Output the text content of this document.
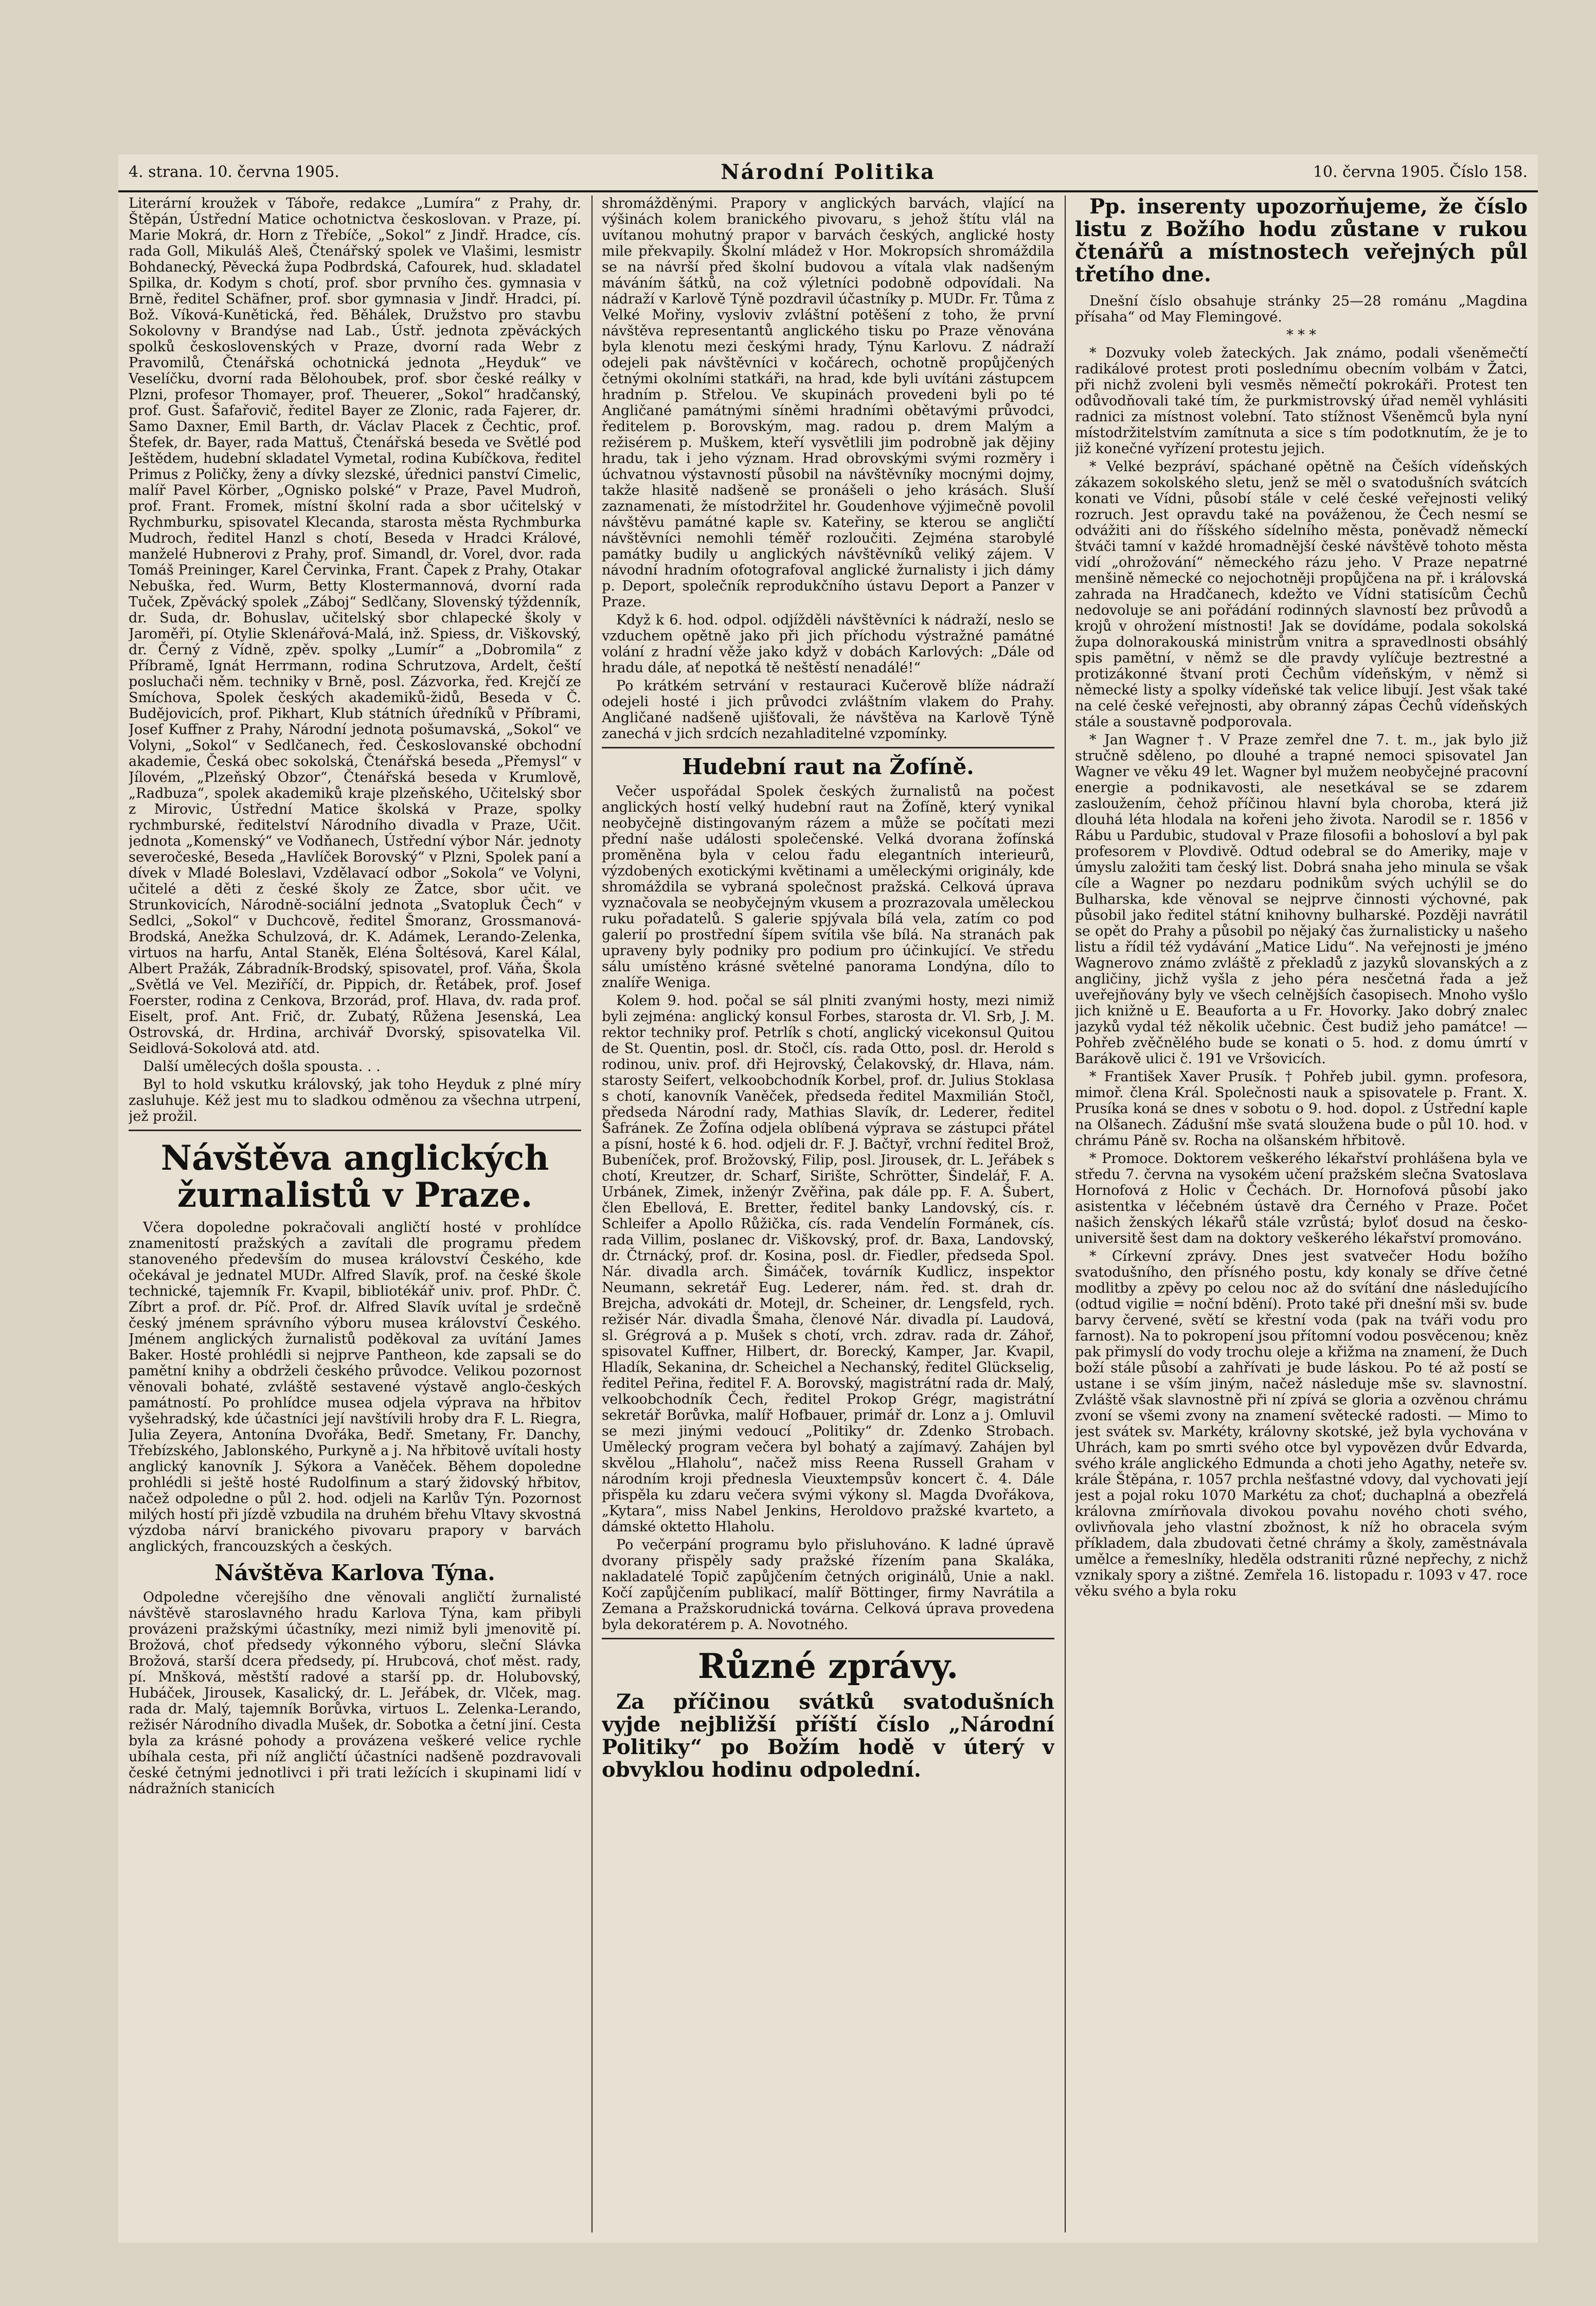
4. strana. 10. června 1905.	Národní Politika	10. června 1905. Číslo 158.

Literární kroužek v Táboře, redakce „Lumíra“ z Prahy, dr. Štěpán, Ústřední Matice ochotnictva českoslovan. v Praze, pí. Marie Mokrá, dr. Horn z Třebíče, „Sokol“ z Jindř. Hradce, cís. rada Goll, Mikuláš Aleš, Čtenářský spolek ve Vlašimi, lesmistr Bohdanecký, Pěvecká župa Podbrdská, Cafourek, hud. skladatel Spilka, dr. Kodym s chotí, prof. sbor prvního čes. gymnasia v Brně, ředitel Schäfner, prof. sbor gymnasia v Jindř. Hradci, pí. Bož. Víková-Kunětická, řed. Běhálek, Družstvo pro stavbu Sokolovny v Brandýse nad Lab., Ústř. jednota zpěváckých spolků československých v Praze, dvorní rada Webr z Pravomilů, Čtenářská ochotnická jednota „Heyduk“ ve Veselíčku, dvorní rada Bělohoubek, prof. sbor české reálky v Plzni, profesor Thomayer, prof. Theuerer, „Sokol“ hradčanský, prof. Gust. Šafařovič, ředitel Bayer ze Zlonic, rada Fajerer, dr. Samo Daxner, Emil Barth, dr. Václav Placek z Čechtic, prof. Štefek, dr. Bayer, rada Mattuš, Čtenářská beseda ve Světlé pod Ještědem, hudební skladatel Vymetal, rodina Kubíčkova, ředitel Primus z Poličky, ženy a dívky slezské, úřednici panství Cimelic, malíř Pavel Körber, „Ognisko polské“ v Praze, Pavel Mudroň, prof. Frant. Fromek, místní školní rada a sbor učitelský v Rychmburku, spisovatel Klecanda, starosta města Rychmburka Mudroch, ředitel Hanzl s chotí, Beseda v Hradci Králové, manželé Hubnerovi z Prahy, prof. Simandl, dr. Vorel, dvor. rada Tomáš Preininger, Karel Červinka, Frant. Čapek z Prahy, Otakar Nebuška, řed. Wurm, Betty Klostermannová, dvorní rada Tuček, Zpěvácký spolek „Záboj“ Sedlčany, Slovenský týždenník, dr. Suda, dr. Bohuslav, učitelský sbor chlapecké školy v Jaroměři, pí. Otylie Sklenářová-Malá, inž. Spiess, dr. Viškovský, dr. Černý z Vídně, zpěv. spolky „Lumír“ a „Dobromila“ z Příbramě, Ignát Herrmann, rodina Schrutzova, Ardelt, čeští posluchači něm. techniky v Brně, posl. Zázvorka, řed. Krejčí ze Smíchova, Spolek českých akademiků-židů, Beseda v Č. Budějovicích, prof. Pikhart, Klub státních úředníků v Příbrami, Josef Kuffner z Prahy, Národní jednota pošumavská, „Sokol“ ve Volyni, „Sokol“ v Sedlčanech, řed. Českoslovanské obchodní akademie, Česká obec sokolská, Čtenářská beseda „Přemysl“ v Jílovém, „Plzeňský Obzor“, Čtenářská beseda v Krumlově, „Radbuza“, spolek akademiků kraje plzeňského, Učitelský sbor z Mirovic, Ústřední Matice školská v Praze, spolky rychmburské, ředitelství Národního divadla v Praze, Učit. jednota „Komenský“ ve Vodňanech, Ústřední výbor Nár. jednoty severočeské, Beseda „Havlíček Borovský“ v Plzni, Spolek paní a dívek v Mladé Boleslavi, Vzdělavací odbor „Sokola“ ve Volyni, učitelé a děti z české školy ze Žatce, sbor učit. ve Strunkovicích, Národně-sociální jednota „Svatopluk Čech“ v Sedlci, „Sokol“ v Duchcově, ředitel Šmoranz, Grossmanová-Brodská, Anežka Schulzová, dr. K. Adámek, Lerando-Zelenka, virtuos na harfu, Antal Staněk, Eléna Šoltésová, Karel Kálal, Albert Pražák, Zábradník-Brodský, spisovatel, prof. Váňa, Škola „Světlá ve Vel. Meziříčí, dr. Pippich, dr. Řetábek, prof. Josef Foerster, rodina z Cenkova, Brzorád, prof. Hlava, dv. rada prof. Eiselt, prof. Ant. Frič, dr. Zubatý, Růžena Jesenská, Lea Ostrovská, dr. Hrdina, archivář Dvorský, spisovatelka Vil. Seidlová-Sokolová atd. atd.

Další umělecých došla spousta. . .

Byl to hold vskutku královský, jak toho Heyduk z plné míry zasluhuje. Kéž jest mu to sladkou odměnou za všechna utrpení, jež prožil.

Návštěva anglických žurnalistů v Praze.

Včera dopoledne pokračovali angličtí hosté v prohlídce znamenitostí pražských a zavítali dle programu předem stanoveného především do musea království Českého, kde očekával je jednatel MUDr. Alfred Slavík, prof. na české škole technické, tajemník Fr. Kvapil, bibliotékář univ. prof. PhDr. Č. Zíbrt a prof. dr. Píč. Prof. dr. Alfred Slavík uvítal je srdečně český jménem správního výboru musea království Českého. Jménem anglických žurnalistů poděkoval za uvítání James Baker. Hosté prohlédli si nejprve Pantheon, kde zapsali se do pamětní knihy a obdrželi českého průvodce. Velikou pozornost věnovali bohaté, zvláště sestavené výstavě anglo-českých památností. Po prohlídce musea odjela výprava na hřbitov vyšehradský, kde účastníci její navštívili hroby dra F. L. Riegra, Julia Zeyera, Antonína Dvořáka, Bedř. Smetany, Fr. Danchy, Třebízského, Jablonského, Purkyně a j. Na hřbitově uvítali hosty anglický kanovník J. Sýkora a Vaněček. Během dopoledne prohlédli si ještě hosté Rudolfinum a starý židovský hřbitov, načež odpoledne o půl 2. hod. odjeli na Karlův Týn. Pozornost milých hostí při jízdě vzbudila na druhém břehu Vltavy skvostná výzdoba nárví branického pivovaru prapory v barvách anglických, francouzských a českých.

Návštěva Karlova Týna.

Odpoledne včerejšího dne věnovali angličtí žurnalisté návštěvě staroslavného hradu Karlova Týna, kam přibyli provázeni pražskými účastníky, mezi nimiž byli jmenovitě pí. Brožová, choť předsedy výkonného výboru, sleční Slávka Brožová, starší dcera předsedy, pí. Hrubcová, choť měst. rady, pí. Mnšková, městští radové a starší pp. dr. Holubovský, Hubáček, Jirousek, Kasalický, dr. L. Jeřábek, dr. Vlček, mag. rada dr. Malý, tajemník Borůvka, virtuos L. Zelenka-Lerando, režisér Národního divadla Mušek, dr. Sobotka a četní jiní. Cesta byla za krásné pohody a provázena veškeré velice rychle ubíhala cesta, při níž angličtí účastníci nadšeně pozdravovali české četnými jednotlivci i při trati ležících i skupinami lidí v nádražních stanicích

shromážděnými. Prapory v anglických barvách, vlající na výšinách kolem branického pivovaru, s jehož štítu vlál na uvítanou mohutný prapor v barvách českých, anglické hosty mile překvapily. Školní mládež v Hor. Mokropsích shromáždila se na návrší před školní budovou a vítala vlak nadšeným máváním šátků, na což výletníci podobně odpovídali. Na nádraží v Karlově Týně pozdravil účastníky p. MUDr. Fr. Tůma z Velké Mořiny, vysloviv zvláštní potěšení z toho, že první návštěva representantů anglického tisku po Praze věnována byla klenotu mezi českými hrady, Týnu Karlovu. Z nádraží odejeli pak návštěvníci v kočárech, ochotně propůjčených četnými okolními statkáři, na hrad, kde byli uvítáni zástupcem hradním p. Střelou. Ve skupinách provedeni byli po té Angličané památnými síněmi hradními obětavými průvodci, ředitelem p. Borovským, mag. radou p. drem Malým a režisérem p. Muškem, kteří vysvětlili jim podrobně jak dějiny hradu, tak i jeho význam. Hrad obrovskými svými rozměry i úchvatnou výstavností působil na návštěvníky mocnými dojmy, takže hlasitě nadšeně se pronášeli o jeho krásách. Sluší zaznamenati, že místodržitel hr. Goudenhove výjimečně povolil návštěvu památné kaple sv. Kateřiny, se kterou se angličtí návštěvníci nemohli téměř rozloučiti. Zejména starobylé památky budily u anglických návštěvníků veliký zájem. V návodní hradním ofotografoval anglické žurnalisty i jich dámy p. Deport, společník reprodukčního ústavu Deport a Panzer v Praze.

Když k 6. hod. odpol. odjížděli návštěvníci k nádraží, neslo se vzduchem opětně jako při jich příchodu výstražné památné volání z hradní věže jako když v dobách Karlových: „Dále od hradu dále, ať nepotká tě neštěstí nenadálé!“

Po krátkém setrvání v restauraci Kučerově blíže nádraží odejeli hosté i jich průvodci zvláštním vlakem do Prahy. Angličané nadšeně ujišťovali, že návštěva na Karlově Týně zanechá v jich srdcích nezahladitelné vzpomínky.

Hudební raut na Žofíně.

Večer uspořádal Spolek českých žurnalistů na počest anglických hostí velký hudební raut na Žofíně, který vynikal neobyčejně distingovaným rázem a může se počítati mezi přední naše události společenské. Velká dvorana žofínská proměněna byla v celou řadu elegantních interieurů, výzdobených exotickými květinami a uměleckými originály, kde shromáždila se vybraná společnost pražská. Celková úprava vyznačovala se neobyčejným vkusem a prozrazovala uměleckou ruku pořadatelů. S galerie spjývala bílá vela, zatím co pod galerií po prostřední šípem svítila vše bílá. Na stranách pak upraveny byly podniky pro podium pro účinkující. Ve středu sálu umístěno krásné světelné panorama Londýna, dílo to znalíře Weniga.

Kolem 9. hod. počal se sál plniti zvanými hosty, mezi nimiž byli zejména: anglický konsul Forbes, starosta dr. Vl. Srb, J. M. rektor techniky prof. Petrlík s chotí, anglický vicekonsul Quitou de St. Quentin, posl. dr. Stočl, cís. rada Otto, posl. dr. Herold s rodinou, univ. prof. dři Hejrovský, Čelakovský, dr. Hlava, nám. starosty Seifert, velkoobchodník Korbel, prof. dr. Julius Stoklasa s chotí, kanovník Vaněček, předseda ředitel Maxmilián Stočl, předseda Národní rady, Mathias Slavík, dr. Lederer, ředitel Šafránek. Ze Žofína odjela oblíbená výprava se zástupci přátel a písní, hosté k 6. hod. odjeli dr. F. J. Bačtyř, vrchní ředitel Brož, Bubeníček, prof. Brožovský, Filip, posl. Jirousek, dr. L. Jeřábek s chotí, Kreutzer, dr. Scharf, Sirište, Schrötter, Šindelář, F. A. Urbánek, Zimek, inženýr Zvěřina, pak dále pp. F. A. Šubert, člen Ebellová, E. Bretter, ředitel banky Landovský, cís. r. Schleifer a Apollo Růžička, cís. rada Vendelín Formánek, cís. rada Villim, poslanec dr. Viškovský, prof. dr. Baxa, Landovský, dr. Čtrnácký, prof. dr. Kosina, posl. dr. Fiedler, předseda Spol. Nár. divadla arch. Šimáček, továrník Kudlicz, inspektor Neumann, sekretář Eug. Lederer, nám. řed. st. drah dr. Brejcha, advokáti dr. Motejl, dr. Scheiner, dr. Lengsfeld, rych. režisér Nár. divadla Šmaha, členové Nár. divadla pí. Laudová, sl. Grégrová a p. Mušek s chotí, vrch. zdrav. rada dr. Záhoř, spisovatel Kuffner, Hilbert, dr. Borecký, Kamper, Jar. Kvapil, Hladík, Sekanina, dr. Scheichel a Nechanský, ředitel Glückselig, ředitel Peřina, ředitel F. A. Borovský, magistrátní rada dr. Malý, velkoobchodník Čech, ředitel Prokop Grégr, magistrátní sekretář Borůvka, malíř Hofbauer, primář dr. Lonz a j. Omluvil se mezi jinými vedoucí „Politiky“ dr. Zdenko Strobach. Umělecký program večera byl bohatý a zajímavý. Zahájen byl skvělou „Hlaholu“, načež miss Reena Russell Graham v národním kroji přednesla Vieuxtempsův koncert č. 4. Dále přispěla ku zdaru večera svými výkony sl. Magda Dvořákova, „Kytara“, miss Nabel Jenkins, Heroldovo pražské kvarteto, a dámské oktetto Hlaholu.

Po večerpání programu bylo přisluhováno. K ladné úpravě dvorany přispěly sady pražské řízením pana Skaláka, nakladatelé Topič zapůjčením četných originálů, Unie a nakl. Kočí zapůjčením publikací, malíř Böttinger, firmy Navrátila a Zemana a Pražskorudnická továrna. Celková úprava provedena byla dekoratérem p. A. Novotného.

Různé zprávy.

Za příčinou svátků svatodušních vyjde nejbližší příští číslo „Národní Politiky“ po Božím hodě v úterý v obvyklou hodinu odpolední.

Pp. inserenty upozorňujeme, že číslo listu z Božího hodu zůstane v rukou čtenářů a místnostech veřejných půl třetího dne.

Dnešní číslo obsahuje stránky 25—28 románu „Magdina přísaha“ od May Flemingové.

* * *

* Dozvuky voleb žateckých. Jak známo, podali všeněmečtí radikálové protest proti poslednímu obecním volbám v Žatci, při nichž zvoleni byli vesměs němečtí pokrokáři. Protest ten odůvodňovali také tím, že purkmistrovský úřad neměl vyhlásiti radnici za místnost volební. Tato stížnost Všeněmců byla nyní místodržitelstvím zamítnuta a sice s tím podotknutím, že je to již konečné vyřízení protestu jejich.

* Velké bezpráví, spáchané opětně na Češích vídeňských zákazem sokolského sletu, jenž se měl o svatodušních svátcích konati ve Vídni, působí stále v celé české veřejnosti veliký rozruch. Jest opravdu také na pováženou, že Čech nesmí se odvážiti ani do říšského sídelního města, poněvadž německí štváči tamní v každé hromadnější české návštěvě tohoto města vidí „ohrožování“ německého rázu jeho. V Praze nepatrné menšině německé co nejochotněji propůjčena na př. i královská zahrada na Hradčanech, kdežto ve Vídni statisícům Čechů nedovoluje se ani pořádání rodinných slavností bez průvodů a krojů v ohrožení místnosti! Jak se dovídáme, podala sokolská župa dolnorakouská ministrům vnitra a spravedlnosti obsáhlý spis pamětní, v němž se dle pravdy vylíčuje beztrestné a protizákonné štvaní proti Čechům vídeňským, v němž si německé listy a spolky vídeňské tak velice libují. Jest však také na celé české veřejnosti, aby obranný zápas Čechů vídeňských stále a soustavně podporovala.

* Jan Wagner †. V Praze zemřel dne 7. t. m., jak bylo již stručně sděleno, po dlouhé a trapné nemoci spisovatel Jan Wagner ve věku 49 let. Wagner byl mužem neobyčejné pracovní energie a podnikavosti, ale nesetkával se se zdarem zasloužením, čehož příčinou hlavní byla choroba, která již dlouhá léta hlodala na kořeni jeho života. Narodil se r. 1856 v Rábu u Pardubic, studoval v Praze filosofii a bohosloví a byl pak profesorem v Plovdivě. Odtud odebral se do Ameriky, maje v úmyslu založiti tam český list. Dobrá snaha jeho minula se však cíle a Wagner po nezdaru podnikům svých uchýlil se do Bulharska, kde věnoval se nejprve činnosti výchovné, pak působil jako ředitel státní knihovny bulharské. Později navrátil se opět do Prahy a působil po nějaký čas žurnalisticky u našeho listu a řídil též vydávání „Matice Lidu“. Na veřejnosti je jméno Wagnerovo známo zvláště z překladů z jazyků slovanských a z angličiny, jichž vyšla z jeho péra nesčetná řada a jež uveřejňovány byly ve všech celnějších časopisech. Mnoho vyšlo jich knižně u E. Beauforta a u Fr. Hovorky. Jako dobrý znalec jazyků vydal též několik učebnic. Čest budiž jeho památce! — Pohřeb zvěčnělého bude se konati o 5. hod. z domu úmrtí v Barákově ulici č. 191 ve Vršovicích.

* František Xaver Prusík. † Pohřeb jubil. gymn. profesora, mimoř. člena Král. Společnosti nauk a spisovatele p. Frant. X. Prusíka koná se dnes v sobotu o 9. hod. dopol. z Ústřední kaple na Olšanech. Zádušní mše svatá sloužena bude o půl 10. hod. v chrámu Páně sv. Rocha na olšanském hřbitově.

* Promoce. Doktorem veškerého lékařství prohlášena byla ve středu 7. června na vysokém učení pražském slečna Svatoslava Hornofová z Holic v Čechách. Dr. Hornofová působí jako asistentka v léčebném ústavě dra Černého v Praze. Počet našich ženských lékařů stále vzrůstá; byloť dosud na česko-universitě šest dam na doktory veškerého lékařství promováno.

* Církevní zprávy. Dnes jest svatvečer Hodu božího svatodušního, den přísného postu, kdy konaly se dříve četné modlitby a zpěvy po celou noc až do svítání dne následujícího (odtud vigilie = noční bdění). Proto také při dnešní mši sv. bude barvy červené, světí se křestní voda (pak na tváři vodu pro farnost). Na to pokropení jsou přítomní vodou posvěcenou; kněz pak přimyslí do vody trochu oleje a křižma na znamení, že Duch boží stále působí a zahřívati je bude láskou. Po té až postí se ustane i se vším jiným, načež následuje mše sv. slavnostní. Zvláště však slavnostně při ní zpívá se gloria a ozvěnou chrámu zvoní se všemi zvony na znamení světecké radosti. — Mimo to jest svátek sv. Markéty, královny skotské, jež byla vychována v Uhrách, kam po smrti svého otce byl vypovězen dvůr Edvarda, svého krále anglického Edmunda a choti jeho Agathy, neteře sv. krále Štěpána, r. 1057 prchla nešťastné vdovy, dal vychovati její jest a pojal roku 1070 Markétu za choť; duchaplná a obezřelá královna zmírňovala divokou povahu nového choti svého, ovlivňovala jeho vlastní zbožnost, k níž ho obracela svým příkladem, dala zbudovati četné chrámy a školy, zaměstnávala umělce a řemeslníky, hleděla odstraniti různé nepřechy, z nichž vznikaly spory a zištné. Zemřela 16. listopadu r. 1093 v 47. roce věku svého a byla roku
